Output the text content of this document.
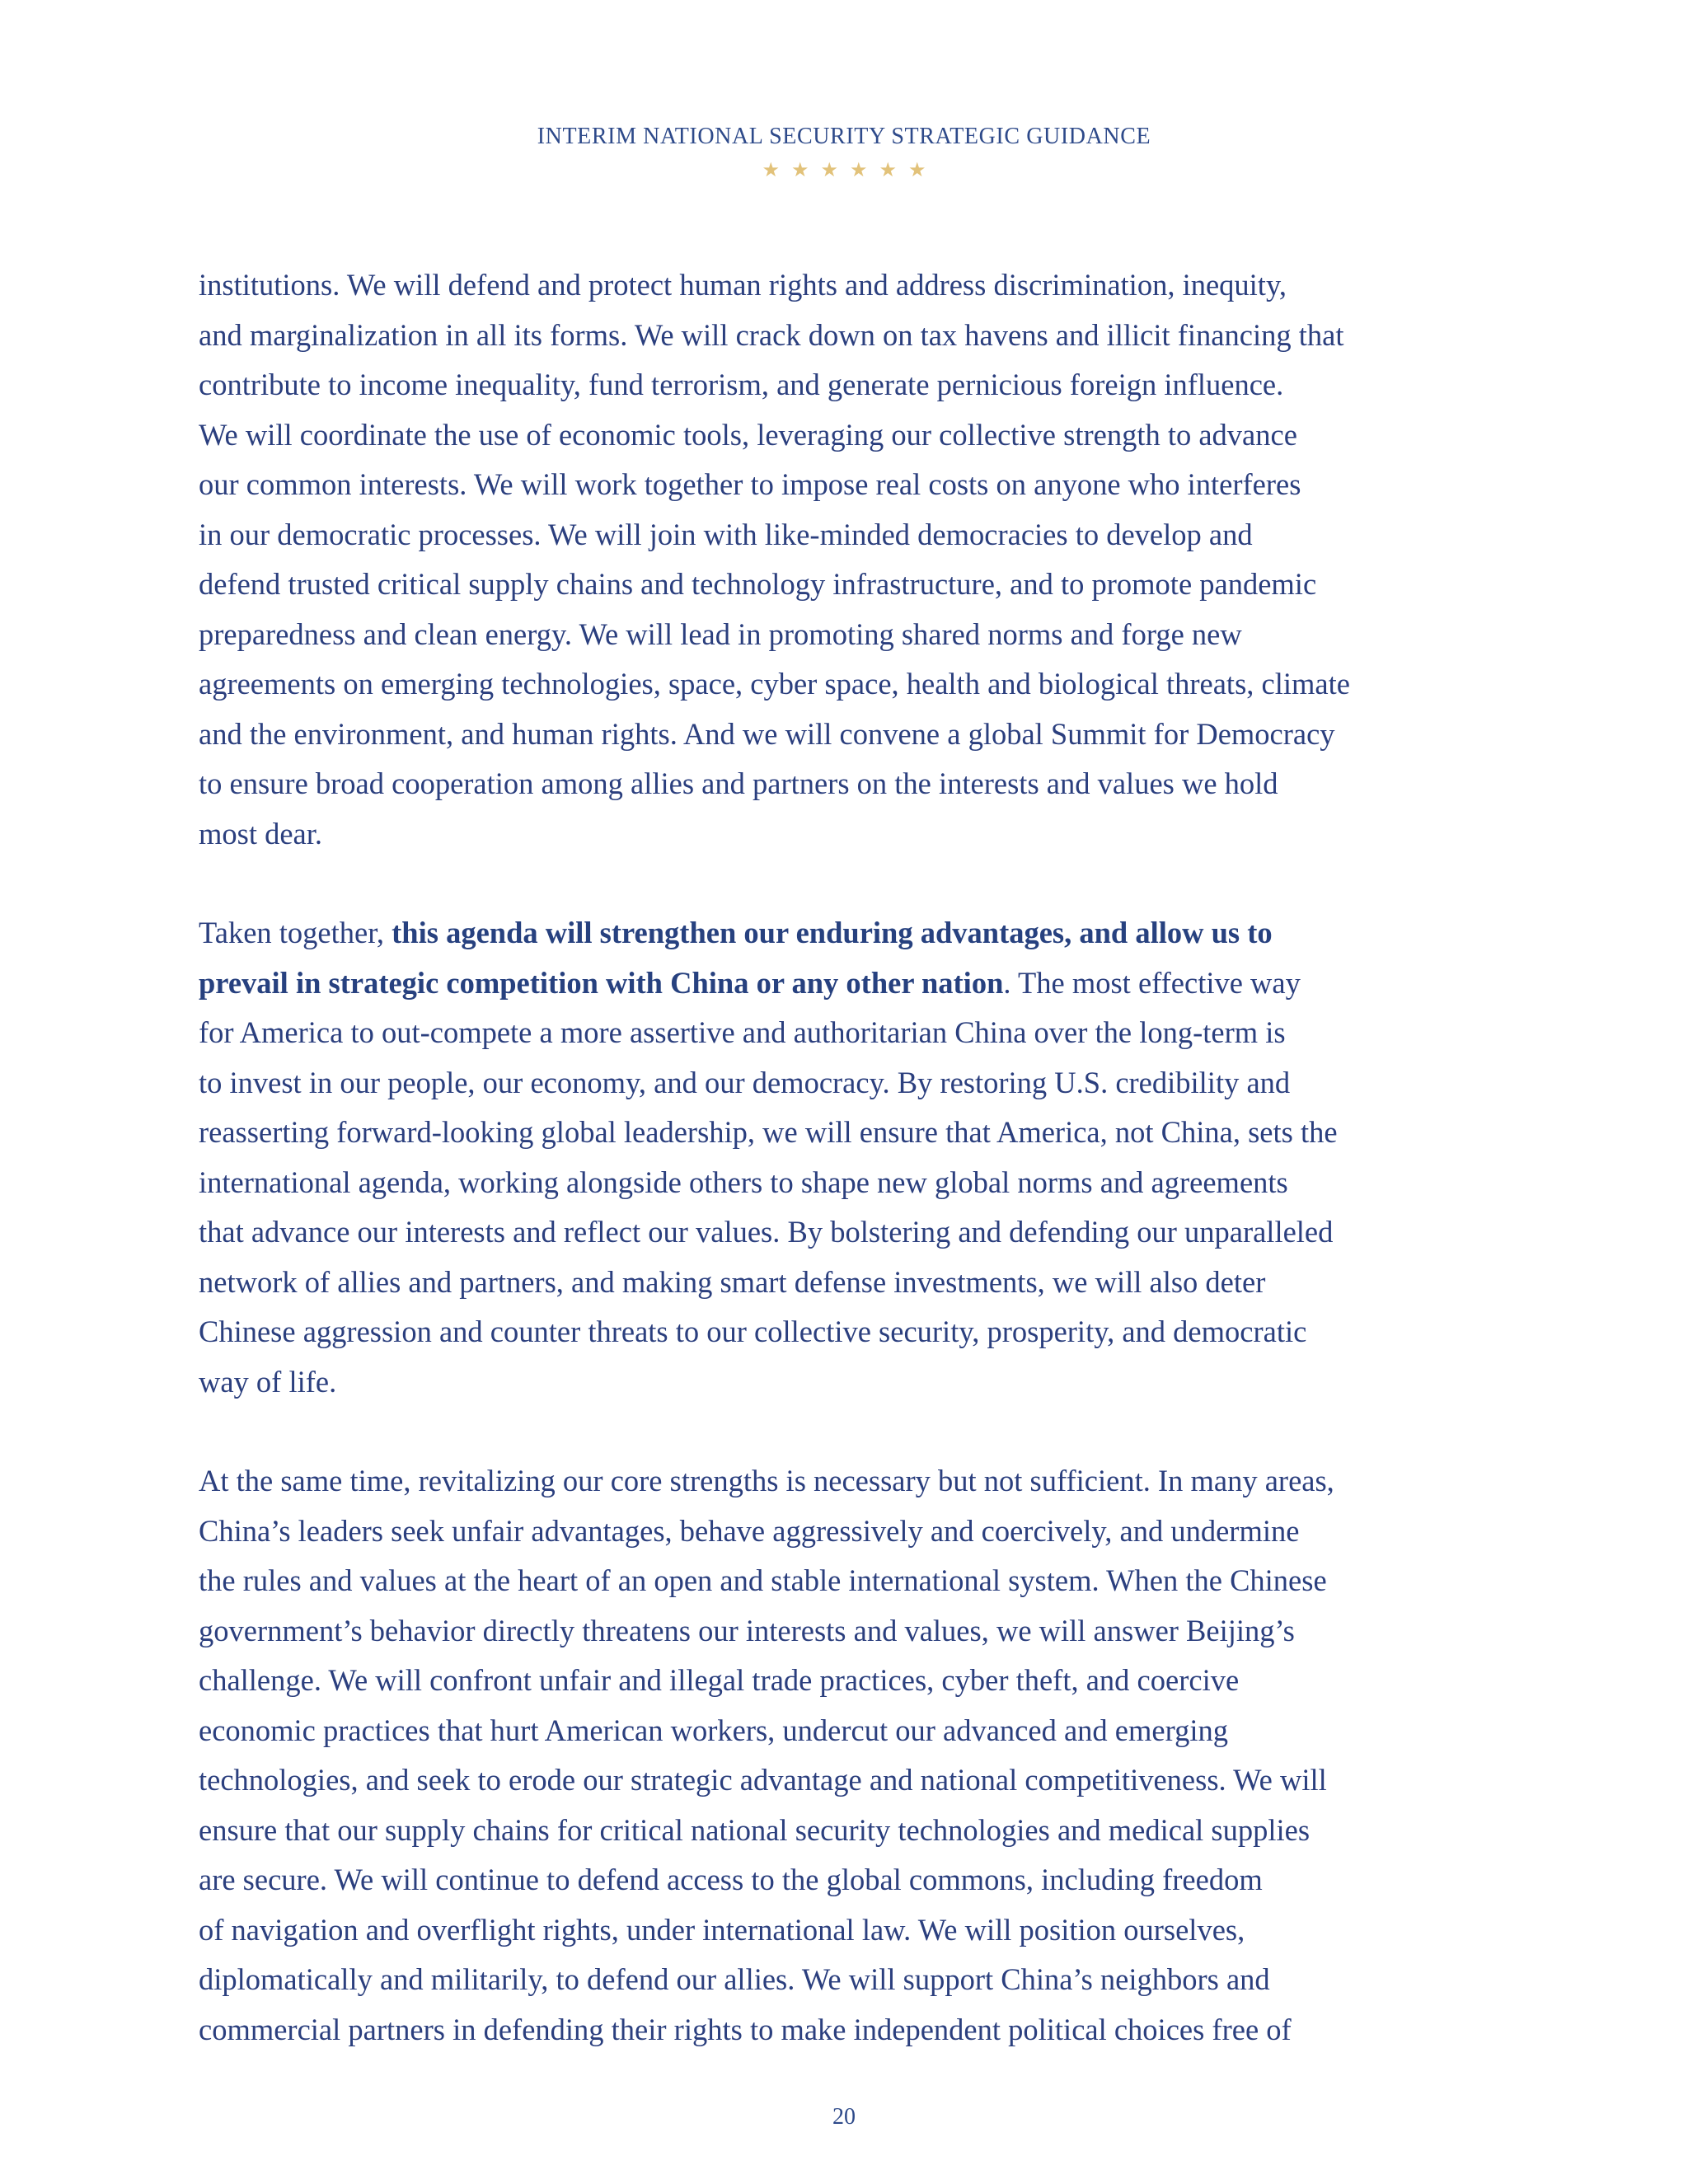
INTERIM NATIONAL SECURITY STRATEGIC GUIDANCE
★★★★★★

institutions. We will defend and protect human rights and address discrimination, inequity,
and marginalization in all its forms. We will crack down on tax havens and illicit financing that
contribute to income inequality, fund terrorism, and generate pernicious foreign influence.
We will coordinate the use of economic tools, leveraging our collective strength to advance
our common interests. We will work together to impose real costs on anyone who interferes
in our democratic processes. We will join with like-minded democracies to develop and
defend trusted critical supply chains and technology infrastructure, and to promote pandemic
preparedness and clean energy. We will lead in promoting shared norms and forge new
agreements on emerging technologies, space, cyber space, health and biological threats, climate
and the environment, and human rights. And we will convene a global Summit for Democracy
to ensure broad cooperation among allies and partners on the interests and values we hold
most dear.

Taken together, this agenda will strengthen our enduring advantages, and allow us to
prevail in strategic competition with China or any other nation. The most effective way
for America to out-compete a more assertive and authoritarian China over the long-term is
to invest in our people, our economy, and our democracy. By restoring U.S. credibility and
reasserting forward-looking global leadership, we will ensure that America, not China, sets the
international agenda, working alongside others to shape new global norms and agreements
that advance our interests and reflect our values. By bolstering and defending our unparalleled
network of allies and partners, and making smart defense investments, we will also deter
Chinese aggression and counter threats to our collective security, prosperity, and democratic
way of life.

At the same time, revitalizing our core strengths is necessary but not sufficient. In many areas,
China’s leaders seek unfair advantages, behave aggressively and coercively, and undermine
the rules and values at the heart of an open and stable international system. When the Chinese
government’s behavior directly threatens our interests and values, we will answer Beijing’s
challenge. We will confront unfair and illegal trade practices, cyber theft, and coercive
economic practices that hurt American workers, undercut our advanced and emerging
technologies, and seek to erode our strategic advantage and national competitiveness. We will
ensure that our supply chains for critical national security technologies and medical supplies
are secure. We will continue to defend access to the global commons, including freedom
of navigation and overflight rights, under international law. We will position ourselves,
diplomatically and militarily, to defend our allies. We will support China’s neighbors and
commercial partners in defending their rights to make independent political choices free of

20
